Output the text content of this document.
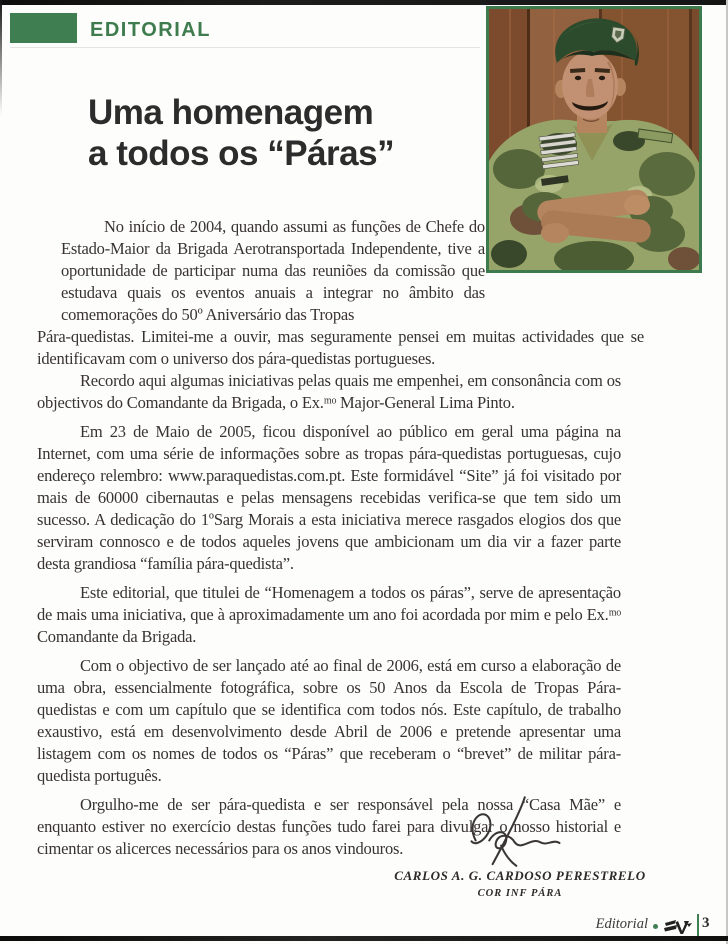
EDITORIAL
Uma homenagem
a todos os “Páras”
No início de 2004, quando assumi as funções de Chefe do Estado-Maior da Brigada Aerotransportada Independente, tive a oportunidade de participar numa das reuniões da comissão que estudava quais os eventos anuais a integrar no âmbito das comemorações do 50º Aniversário das Tropas
Pára-quedistas. Limitei-me a ouvir, mas seguramente pensei em muitas actividades que se identificavam com o universo dos pára-quedistas portugueses.

Recordo aqui algumas iniciativas pelas quais me empenhei, em consonância com os objectivos do Comandante da Brigada, o Ex.ᵐᵒ Major-General Lima Pinto.

Em 23 de Maio de 2005, ficou disponível ao público em geral uma página na Internet, com uma série de informações sobre as tropas pára-quedistas portuguesas, cujo endereço relembro: www.paraquedistas.com.pt. Este formidável “Site” já foi visitado por mais de 60000 cibernautas e pelas mensagens recebidas verifica-se que tem sido um sucesso. A dedicação do 1ºSarg Morais a esta iniciativa merece rasgados elogios dos que serviram connosco e de todos aqueles jovens que ambicionam um dia vir a fazer parte desta grandiosa “família pára-quedista”.

Este editorial, que titulei de “Homenagem a todos os páras”, serve de apresentação de mais uma iniciativa, que à aproximadamente um ano foi acordada por mim e pelo Ex.ᵐᵒ Comandante da Brigada.

Com o objectivo de ser lançado até ao final de 2006, está em curso a elaboração de uma obra, essencialmente fotográfica, sobre os 50 Anos da Escola de Tropas Pára-quedistas e com um capítulo que se identifica com todos nós. Este capítulo, de trabalho exaustivo, está em desenvolvimento desde Abril de 2006 e pretende apresentar uma listagem com os nomes de todos os “Páras” que receberam o “brevet” de militar pára-quedista português.

Orgulho-me de ser pára-quedista e ser responsável pela nossa “Casa Mãe” e enquanto estiver no exercício destas funções tudo farei para divulgar o nosso historial e cimentar os alicerces necessários para os anos vindouros.

CARLOS A. G. CARDOSO PERESTRELO
COR INF PÁRA
Editorial	3
